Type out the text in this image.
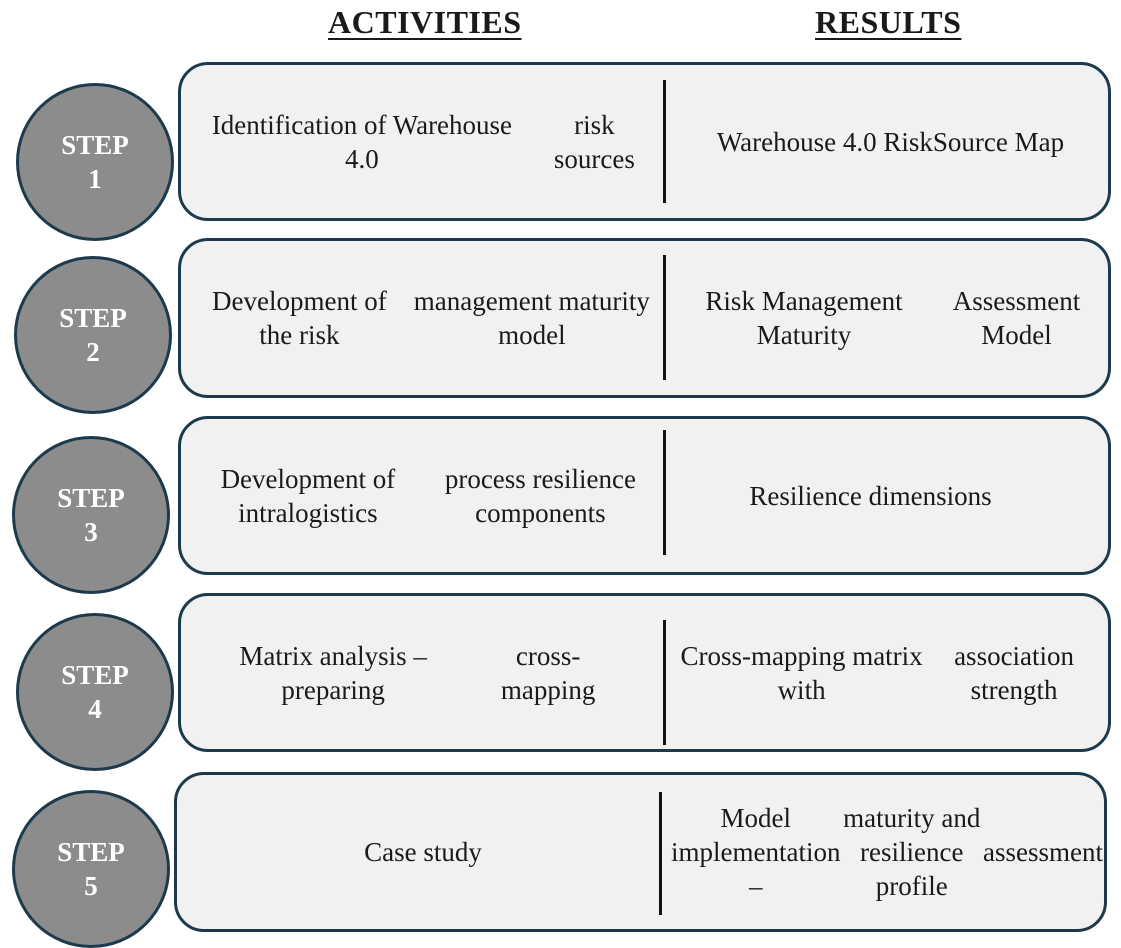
ACTIVITIES	RESULTS
Identification of Warehouse 4.0

risk sources
Warehouse 4.0 Risk Source Map
STEP
1
Development of the risk

management maturity model
Risk Management Maturity

Assessment Model
STEP
2
Development of intralogistics

process resilience components
Resilience dimensions
STEP
3
Matrix analysis – preparing

cross-mapping
Cross-mapping matrix with

association strength
STEP
4
Case study
Model implementation –

maturity and resilience profile

assessment
STEP
5
